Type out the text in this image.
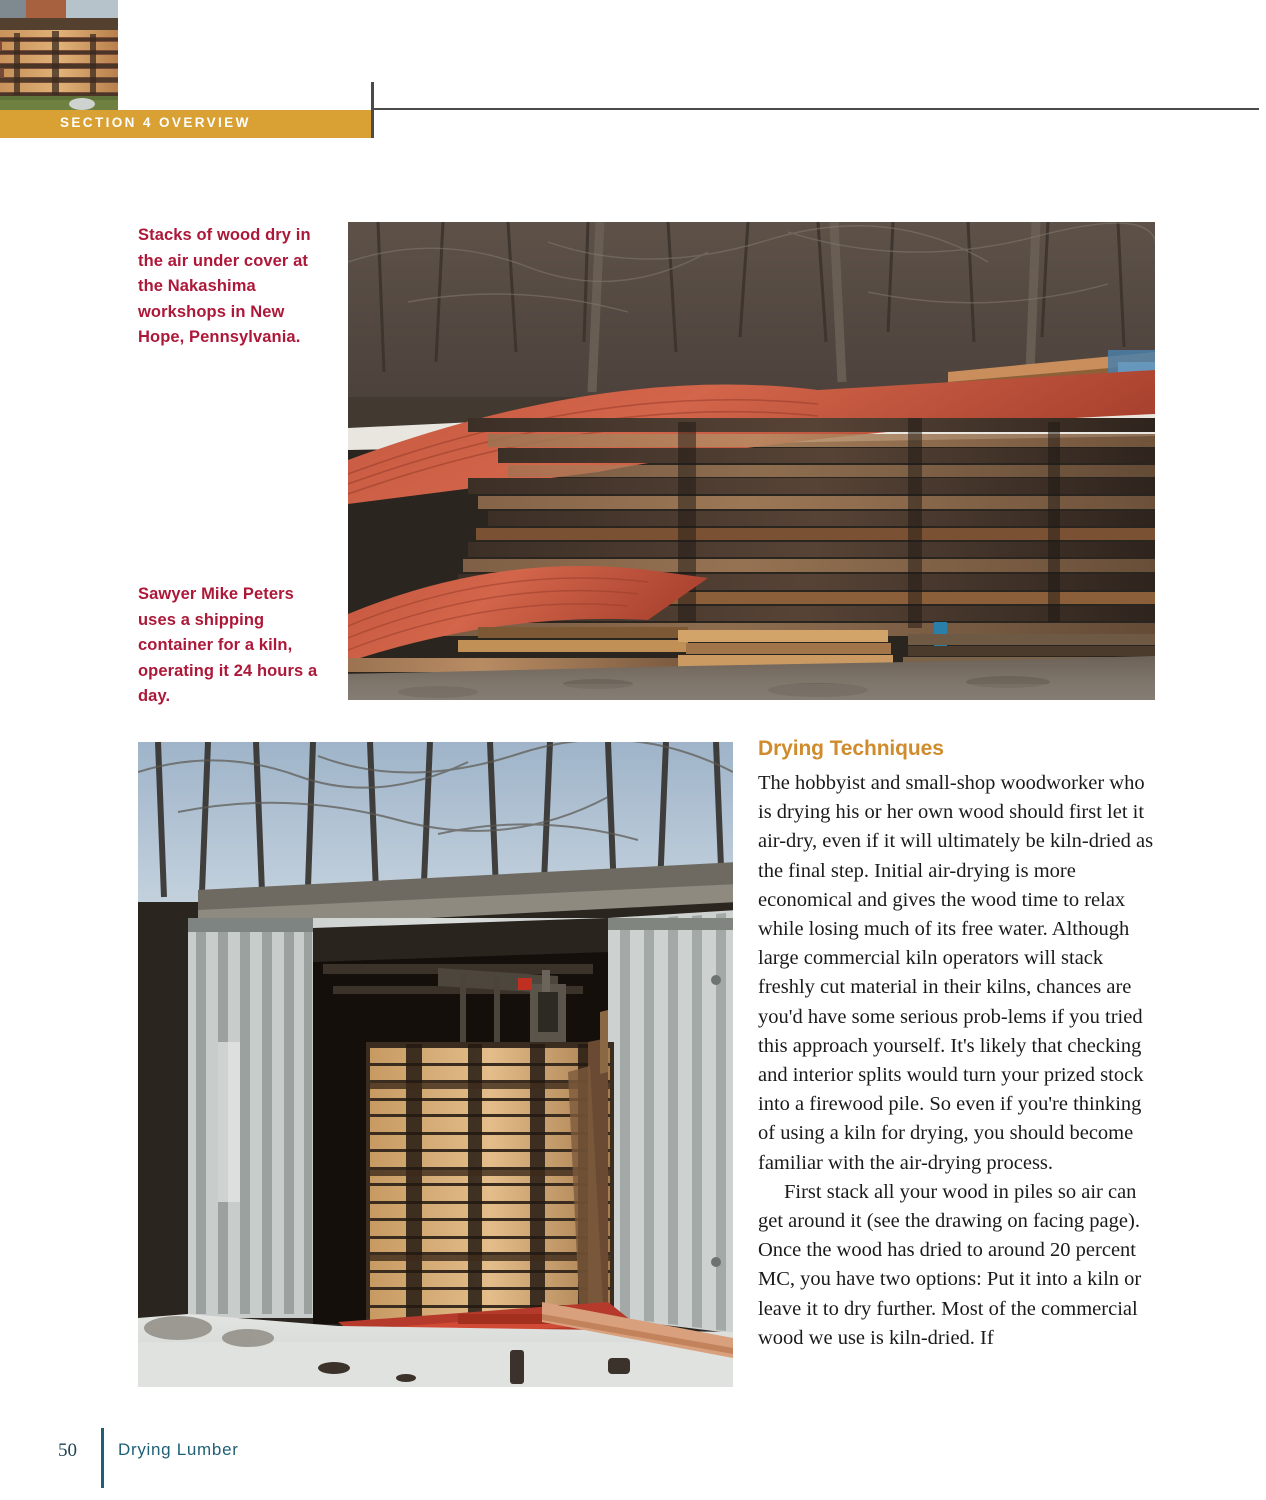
SECTION 4 OVERVIEW
Stacks of wood dry in the air under cover at the Nakashima workshops in New Hope, Pennsylvania.
Sawyer Mike Peters uses a shipping container for a kiln, operating it 24 hours a day.
Drying Techniques

The hobbyist and small-shop woodworker who is drying his or her own wood should first let it air-dry, even if it will ultimately be kiln-dried as the final step. Initial air-drying is more economical and gives the wood time to relax while losing much of its free water. Although large commercial kiln operators will stack freshly cut material in their kilns, chances are you'd have some serious prob-lems if you tried this approach yourself. It's likely that checking and interior splits would turn your prized stock into a firewood pile. So even if you're thinking of using a kiln for drying, you should become familiar with the air-drying process.

First stack all your wood in piles so air can get around it (see the drawing on facing page). Once the wood has dried to around 20 percent MC, you have two options: Put it into a kiln or leave it to dry further. Most of the commercial wood we use is kiln-dried. If

50 Drying Lumber
